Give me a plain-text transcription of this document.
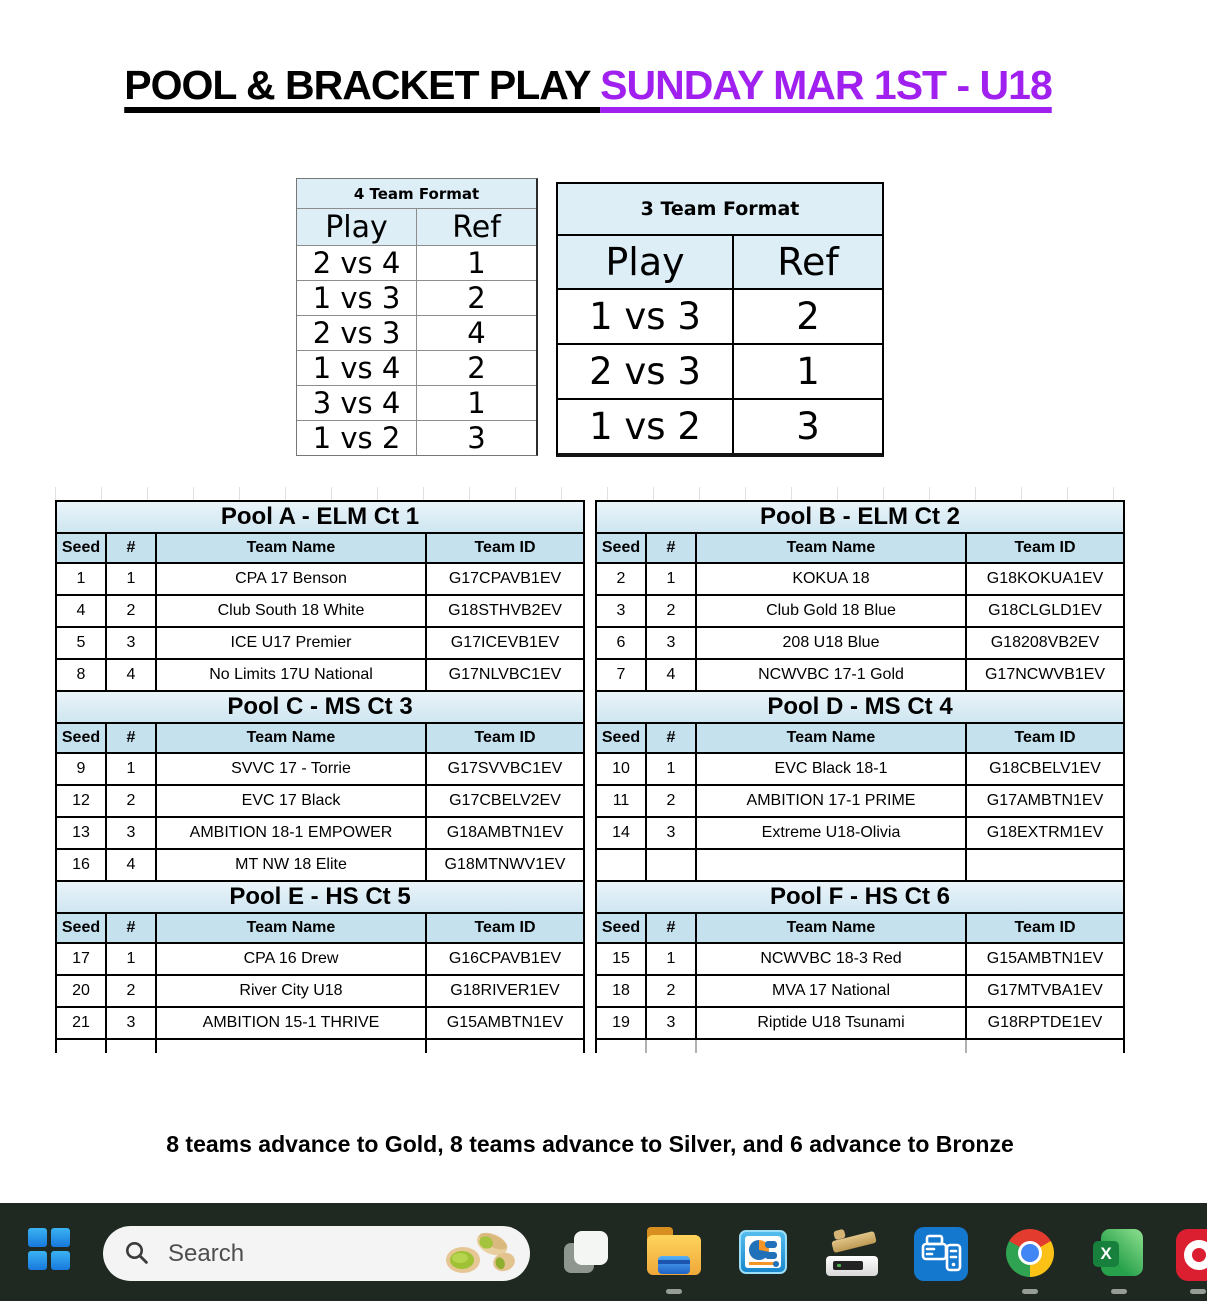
POOL & BRACKET PLAY SUNDAY MAR 1ST - U18
4 Team Format
Play	Ref
2 vs 4	1
1 vs 3	2
2 vs 3	4
1 vs 4	2
3 vs 4	1
1 vs 2	3
3 Team Format
Play	Ref
1 vs 3	2
2 vs 3	1
1 vs 2	3
Pool A - ELM Ct 1
Seed	#	Team Name	Team ID
1	1	CPA 17 Benson	G17CPAVB1EV
4	2	Club South 18 White	G18STHVB2EV
5	3	ICE U17 Premier	G17ICEVB1EV
8	4	No Limits 17U National	G17NLVBC1EV
Pool C - MS Ct 3
Seed	#	Team Name	Team ID
9	1	SVVC 17 - Torrie	G17SVVBC1EV
12	2	EVC 17 Black	G17CBELV2EV
13	3	AMBITION 18-1 EMPOWER	G18AMBTN1EV
16	4	MT NW 18 Elite	G18MTNWV1EV
Pool E - HS Ct 5
Seed	#	Team Name	Team ID
17	1	CPA 16 Drew	G16CPAVB1EV
20	2	River City U18	G18RIVER1EV
21	3	AMBITION 15-1 THRIVE	G15AMBTN1EV
Pool B - ELM Ct 2
Seed	#	Team Name	Team ID
2	1	KOKUA 18	G18KOKUA1EV
3	2	Club Gold 18 Blue	G18CLGLD1EV
6	3	208 U18 Blue	G18208VB2EV
7	4	NCWVBC 17-1 Gold	G17NCWVB1EV
Pool D - MS Ct 4
Seed	#	Team Name	Team ID
10	1	EVC Black 18-1	G18CBELV1EV
11	2	AMBITION 17-1 PRIME	G17AMBTN1EV
14	3	Extreme U18-Olivia	G18EXTRM1EV
Pool F - HS Ct 6
Seed	#	Team Name	Team ID
15	1	NCWVBC 18-3 Red	G15AMBTN1EV
18	2	MVA 17 National	G17MTVBA1EV
19	3	Riptide U18 Tsunami	G18RPTDE1EV
8 teams advance to Gold, 8 teams advance to Silver, and 6 advance to Bronze
Search	X
